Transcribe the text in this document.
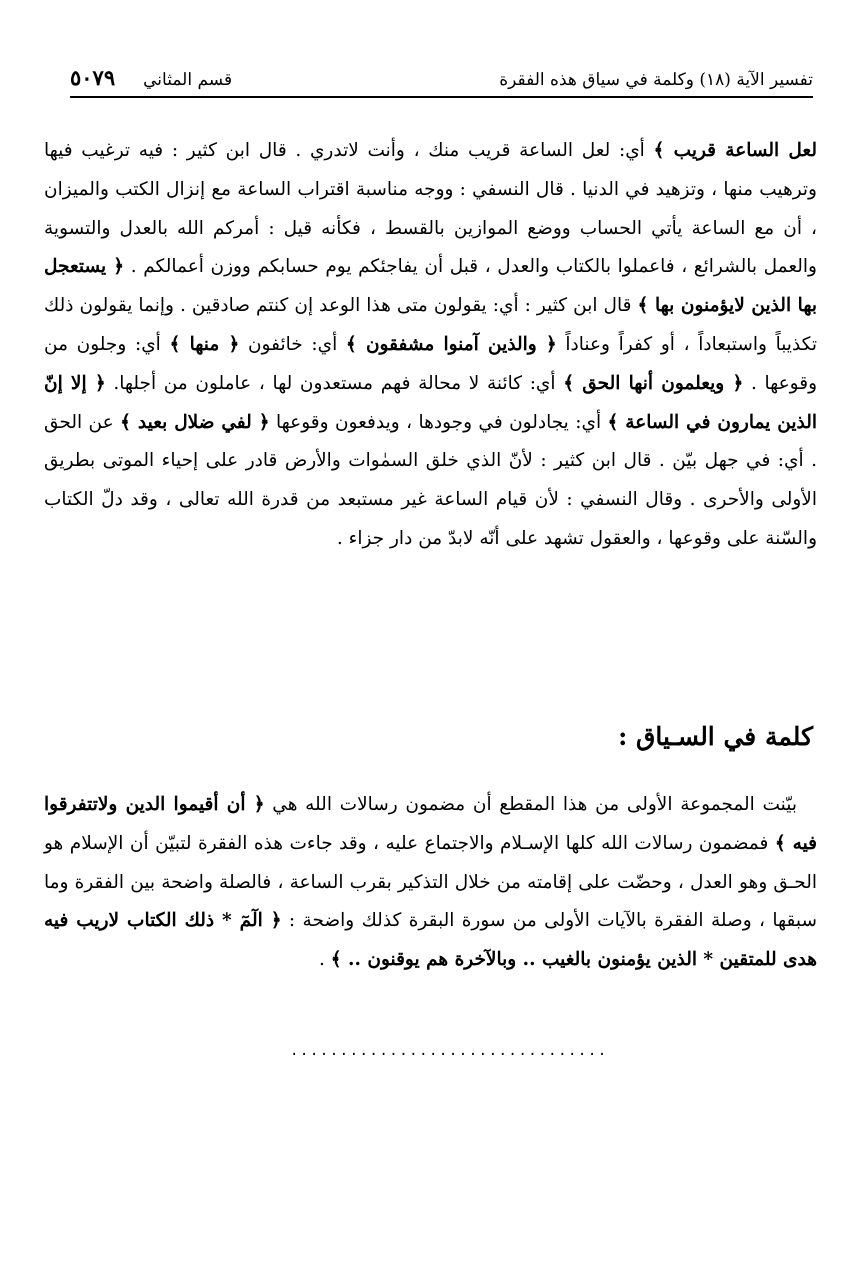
٥٠٧٩ قسم المثاني	تفسير الآية (١٨) وكلمة في سياق هذه الفقرة

لعل الساعة قريب ﴾ أي: لعل الساعة قريب منك ، وأنت لاتدري . قال ابن كثير : فيه ترغيب فيها وترهيب منها ، وتزهيد في الدنيا . قال النسفي : ووجه مناسبة اقتراب الساعة مع إنزال الكتب والميزان ، أن مع الساعة يأتي الحساب ووضع الموازين بالقسط ، فكأنه قيل : أمركم الله بالعدل والتسوية والعمل بالشرائع ، فاعملوا بالكتاب والعدل ، قبل أن يفاجئكم يوم حسابكم ووزن أعمالكم . ﴿ يستعجل بها الذين لايؤمنون بها ﴾ قال ابن كثير : أي: يقولون متى هذا الوعد إن كنتم صادقين . وإنما يقولون ذلك تكذيباً واستبعاداً ، أو كفراً وعناداً ﴿ والذين آمنوا مشفقون ﴾ أي: خائفون ﴿ منها ﴾ أي: وجلون من وقوعها . ﴿ ويعلمون أنها الحق ﴾ أي: كائنة لا محالة فهم مستعدون لها ، عاملون من أجلها. ﴿ إلا إنّ الذين يمارون في الساعة ﴾ أي: يجادلون في وجودها ، ويدفعون وقوعها ﴿ لفي ضلال بعيد ﴾ عن الحق . أي: في جهل بيّن . قال ابن كثير : لأنّ الذي خلق السمٰوات والأرض قادر على إحياء الموتى بطريق الأولى والأحرى . وقال النسفي : لأن قيام الساعة غير مستبعد من قدرة الله تعالى ، وقد دلّ الكتاب والسّنة على وقوعها ، والعقول تشهد على أنّه لابدّ من دار جزاء .

كلمة في السـياق :

بيّنت المجموعة الأولى من هذا المقطع أن مضمون رسالات الله هي ﴿ أن أقيموا الدين ولاتتفرقوا فيه ﴾ فمضمون رسالات الله كلها الإسـلام والاجتماع عليه ، وقد جاءت هذه الفقرة لتبيّن أن الإسلام هو الحـق وهو العدل ، وحضّت على إقامته من خلال التذكير بقرب الساعة ، فالصلة واضحة بين الفقرة وما سبقها ، وصلة الفقرة بالآيات الأولى من سورة البقرة كذلك واضحة : ﴿ الٓمٓ * ذلك الكتاب لاريب فيه هدى للمتقين * الذين يؤمنون بالغيب .. وبالآخرة هم يوقنون .. ﴾ .

................................
